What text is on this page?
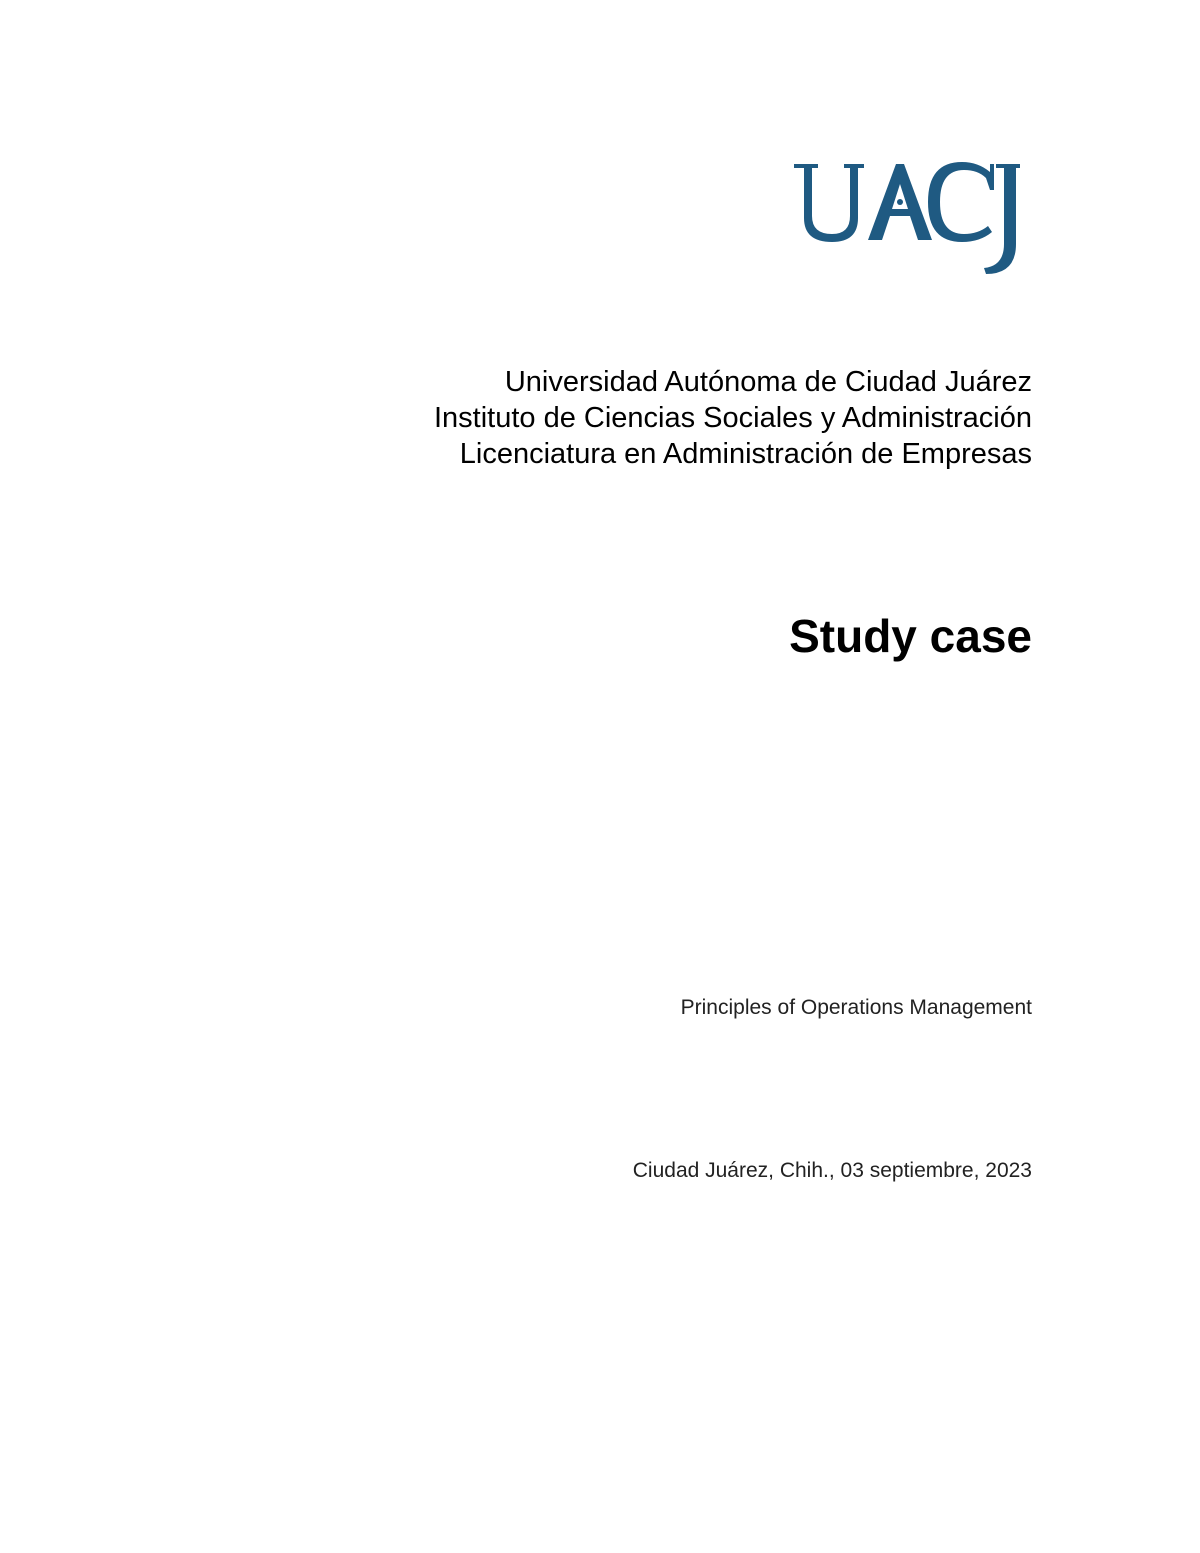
Universidad Autónoma de Ciudad Juárez
Instituto de Ciencias Sociales y Administración
Licenciatura en Administración de Empresas
Study case
Principles of Operations Management
Ciudad Juárez, Chih., 03 septiembre, 2023
